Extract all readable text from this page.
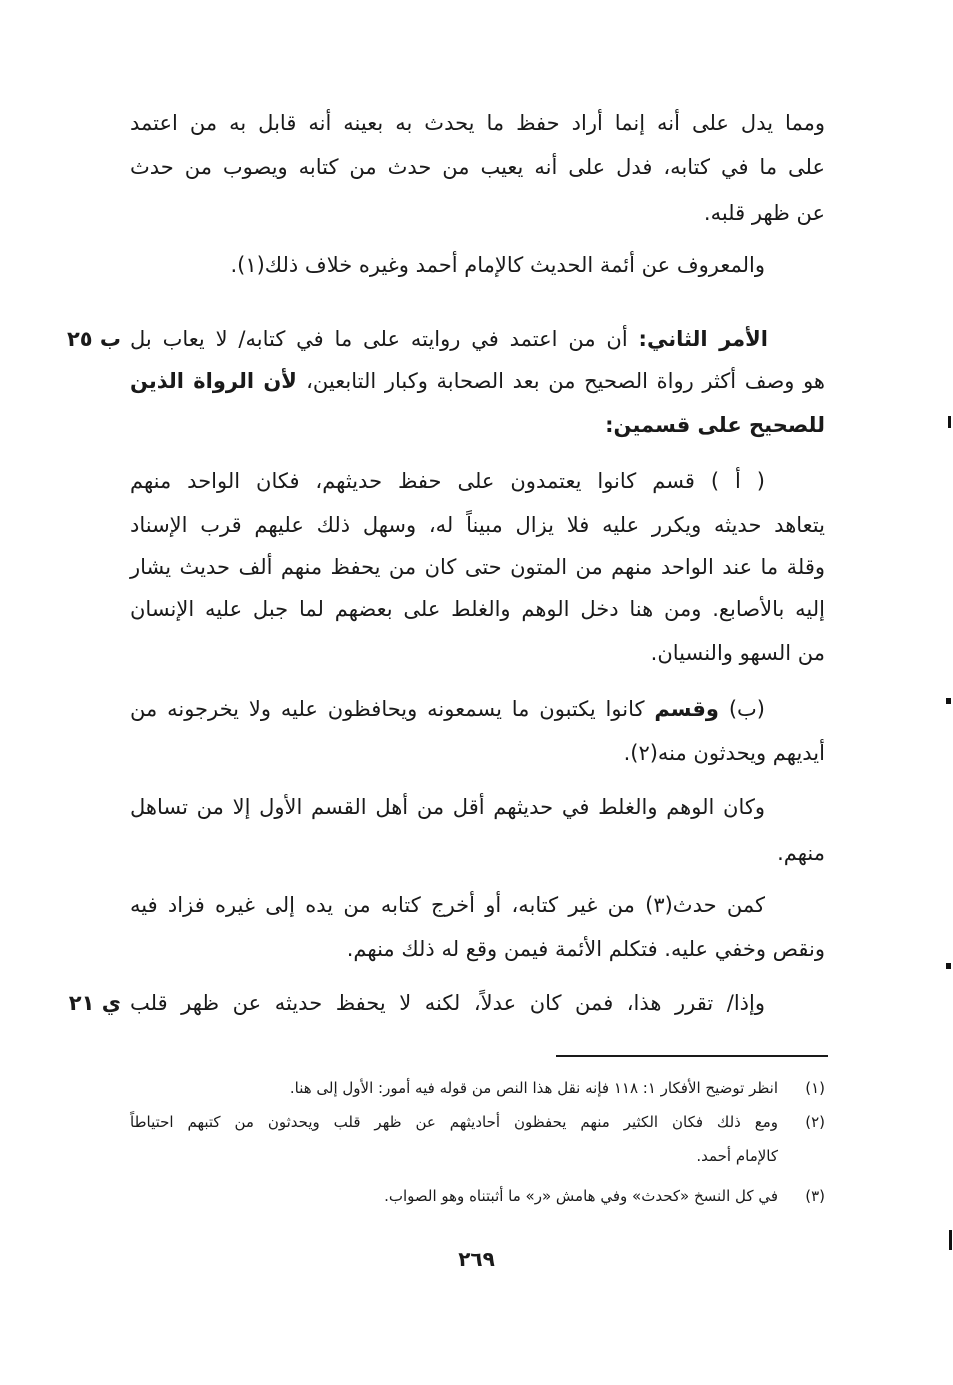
ومما يدل على أنه إنما أراد حفظ ما يحدث به بعينه أنه قابل به من اعتمد
على ما في كتابه، فدل على أنه يعيب من حدث من كتابه ويصوب من حدث
عن ظهر قلبه.
والمعروف عن أئمة الحديث كالإمام أحمد وغيره خلاف ذلك(١).
الأمر الثاني: أن من اعتمد في روايته على ما في كتابه/ لا يعاب بل
ب ٢٥
هو وصف أكثر رواة الصحيح من بعد الصحابة وكبار التابعين، لأن الرواة الذين
للصحيح على قسمين:
( أ ) قسم كانوا يعتمدون على حفظ حديثهم، فكان الواحد منهم
يتعاهد حديثه ويكرر عليه فلا يزال مبيناً له، وسهل ذلك عليهم قرب الإسناد
وقلة ما عند الواحد منهم من المتون حتى كان من يحفظ منهم ألف حديث يشار
إليه بالأصابع. ومن هنا دخل الوهم والغلط على بعضهم لما جبل عليه الإنسان
من السهو والنسيان.
(ب) وقسم كانوا يكتبون ما يسمعونه ويحافظون عليه ولا يخرجونه من
أيديهم ويحدثون منه(٢).
وكان الوهم والغلط في حديثهم أقل من أهل القسم الأول إلا من تساهل
منهم.
كمن حدث(٣) من غير كتابه، أو أخرج كتابه من يده إلى غيره فزاد فيه
ونقص وخفي عليه. فتكلم الأئمة فيمن وقع له ذلك منهم.
وإذا/ تقرر هذا، فمن كان عدلاً، لكنه لا يحفظ حديثه عن ظهر قلب
ي ٢١
(١)
انظر توضيح الأفكار ١: ١١٨ فإنه نقل هذا النص من قوله فيه أمور: الأول إلى هنا.
(٢)
ومع ذلك فكان الكثير منهم يحفظون أحاديثهم عن ظهر قلب ويحدثون من كتبهم احتياطاً
كالإمام أحمد.
(٣)
في كل النسخ «كحدث» وفي هامش «ر» ما أثبتناه وهو الصواب.
٢٦٩
